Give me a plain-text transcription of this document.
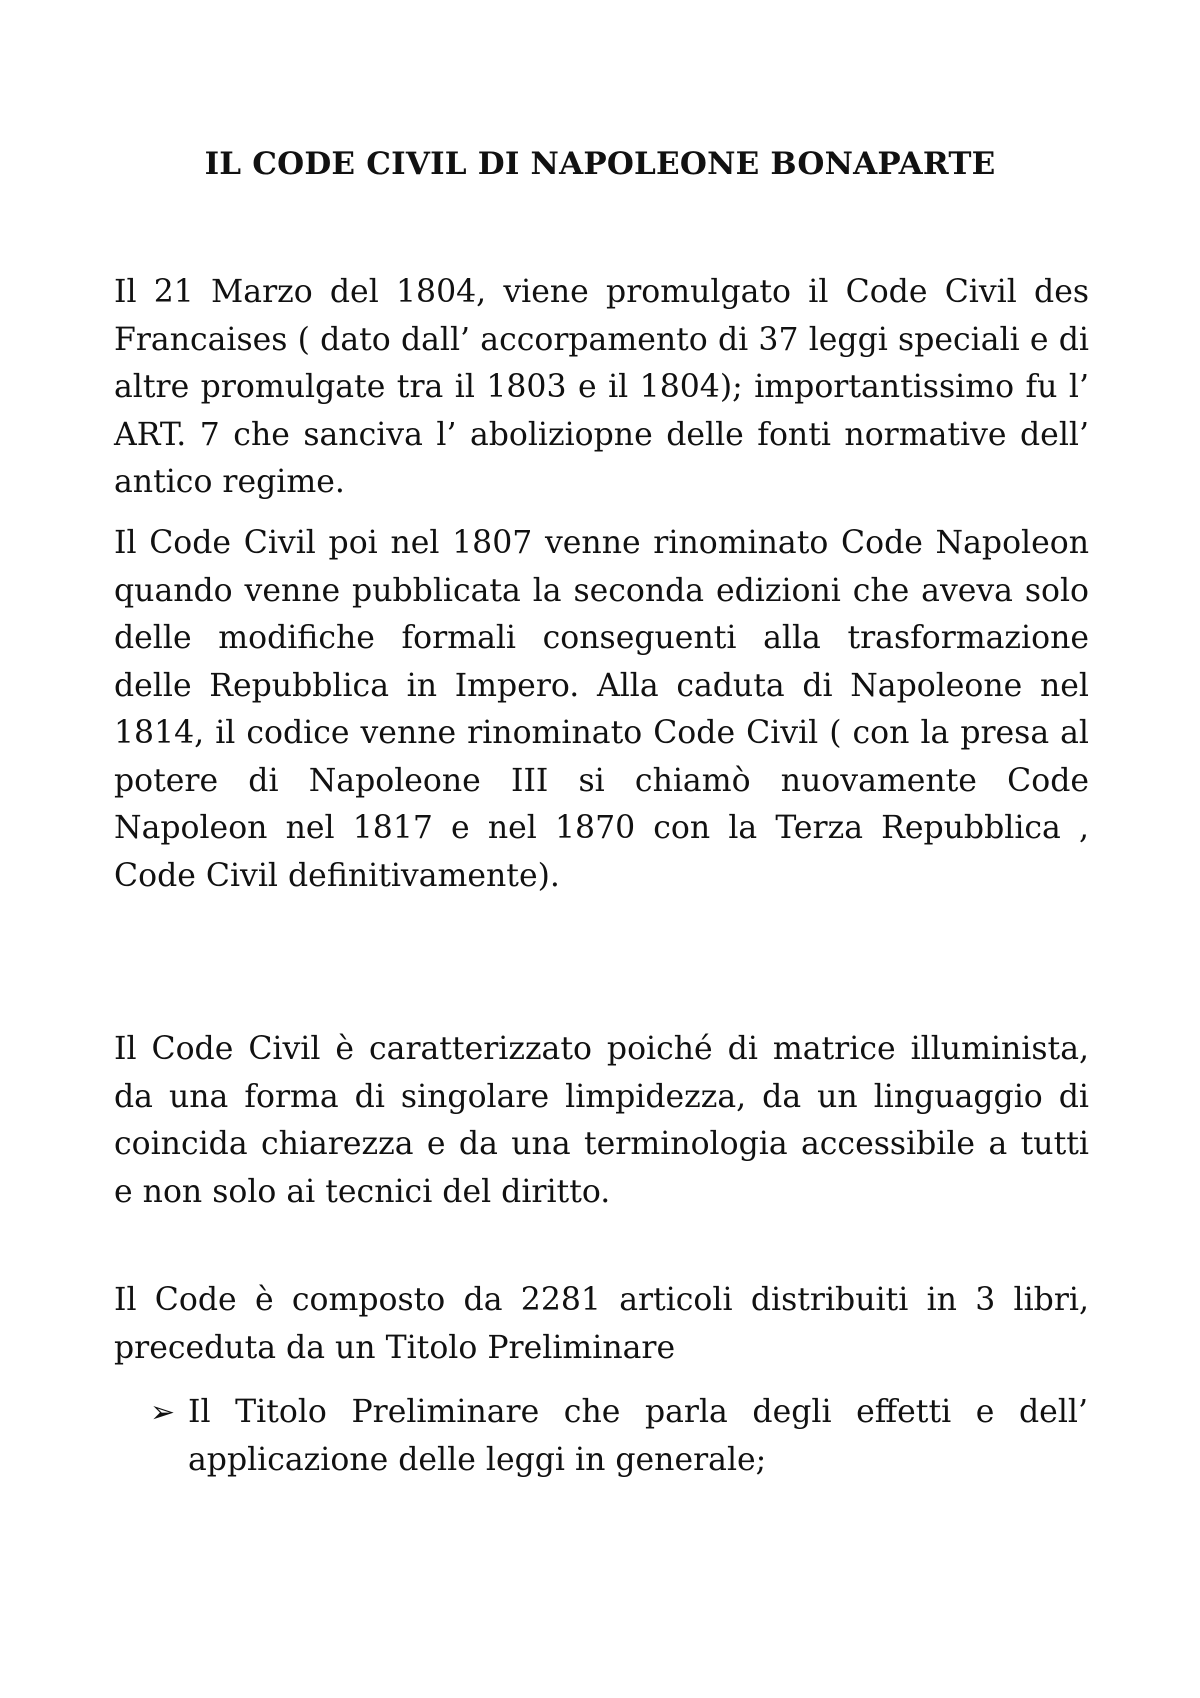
IL CODE CIVIL DI NAPOLEONE BONAPARTE

Il 21 Marzo del 1804, viene promulgato il Code Civil des Francaises ( dato dall’ accorpamento di 37 leggi speciali e di altre promulgate tra il 1803 e il 1804); importantissimo fu l’ ART. 7 che sanciva l’ aboliziopne delle fonti normative dell’ antico regime.

Il Code Civil poi nel 1807 venne rinominato Code Napoleon quando venne pubblicata la seconda edizioni che aveva solo delle modifiche formali conseguenti alla trasformazione delle Repubblica in Impero. Alla caduta di Napoleone nel 1814, il codice venne rinominato Code Civil ( con la presa al potere di Napoleone III si chiamò nuovamente Code Napoleon nel 1817 e nel 1870 con la Terza Repubblica , Code Civil definitivamente).

Il Code Civil è caratterizzato poiché di matrice illuminista, da una forma di singolare limpidezza, da un linguaggio di coincida chiarezza e da una terminologia accessibile a tutti e non solo ai tecnici del diritto.

Il Code è composto da 2281 articoli distribuiti in 3 libri, preceduta da un Titolo Preliminare

➢ Il Titolo Preliminare che parla degli effetti e dell’ applicazione delle leggi in generale;
